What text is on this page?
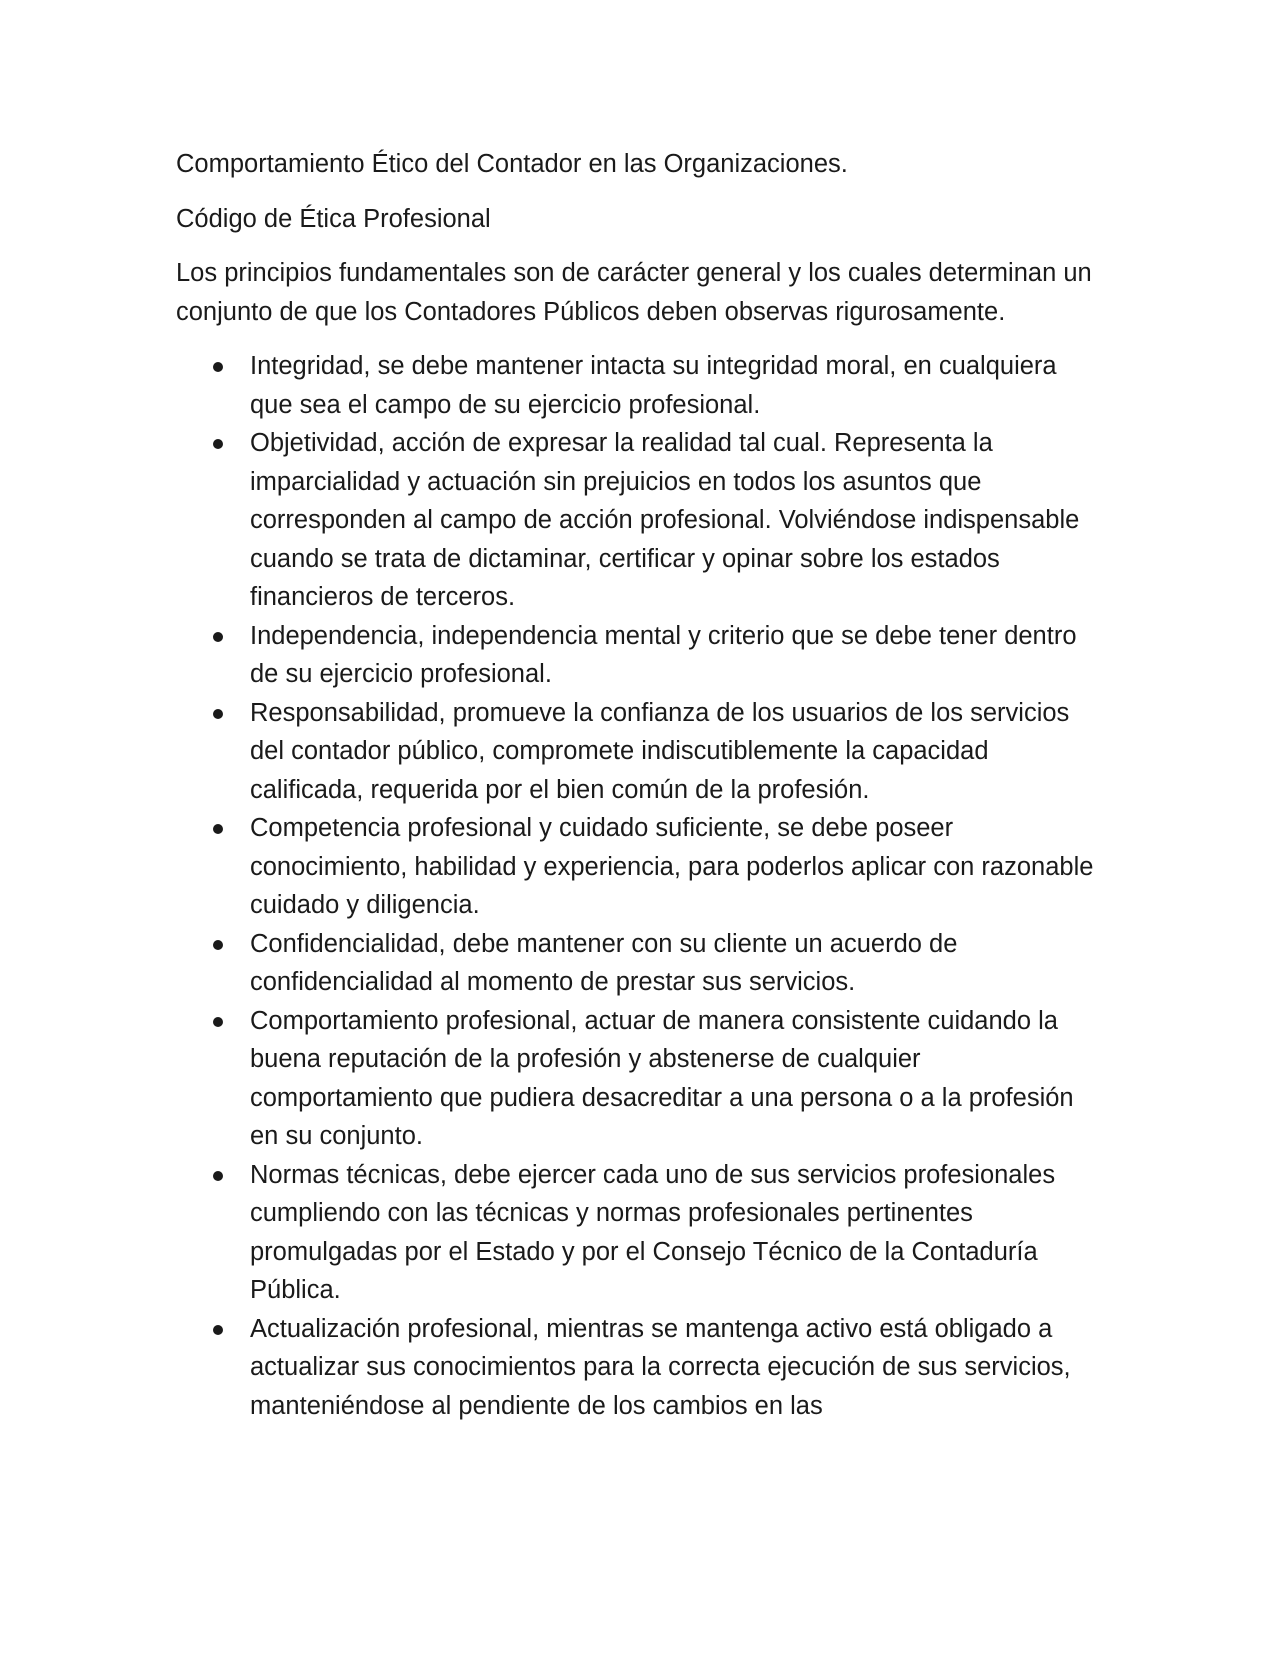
Comportamiento Ético del Contador en las Organizaciones.

Código de Ética Profesional

Los principios fundamentales son de carácter general y los cuales determinan un conjunto de que los Contadores Públicos deben observas rigurosamente.

Integridad, se debe mantener intacta su integridad moral, en cualquiera que sea el campo de su ejercicio profesional.
Objetividad, acción de expresar la realidad tal cual. Representa la imparcialidad y actuación sin prejuicios en todos los asuntos que corresponden al campo de acción profesional. Volviéndose indispensable cuando se trata de dictaminar, certificar y opinar sobre los estados financieros de terceros.
Independencia, independencia mental y criterio que se debe tener dentro de su ejercicio profesional.
Responsabilidad, promueve la confianza de los usuarios de los servicios del contador público, compromete indiscutiblemente la capacidad calificada, requerida por el bien común de la profesión.
Competencia profesional y cuidado suficiente, se debe poseer conocimiento, habilidad y experiencia, para poderlos aplicar con razonable cuidado y diligencia.
Confidencialidad, debe mantener con su cliente un acuerdo de confidencialidad al momento de prestar sus servicios.
Comportamiento profesional, actuar de manera consistente cuidando la buena reputación de la profesión y abstenerse de cualquier comportamiento que pudiera desacreditar a una persona o a la profesión en su conjunto.
Normas técnicas, debe ejercer cada uno de sus servicios profesionales cumpliendo con las técnicas y normas profesionales pertinentes promulgadas por el Estado y por el Consejo Técnico de la Contaduría Pública.
Actualización profesional, mientras se mantenga activo está obligado a actualizar sus conocimientos para la correcta ejecución de sus servicios, manteniéndose al pendiente de los cambios en las
